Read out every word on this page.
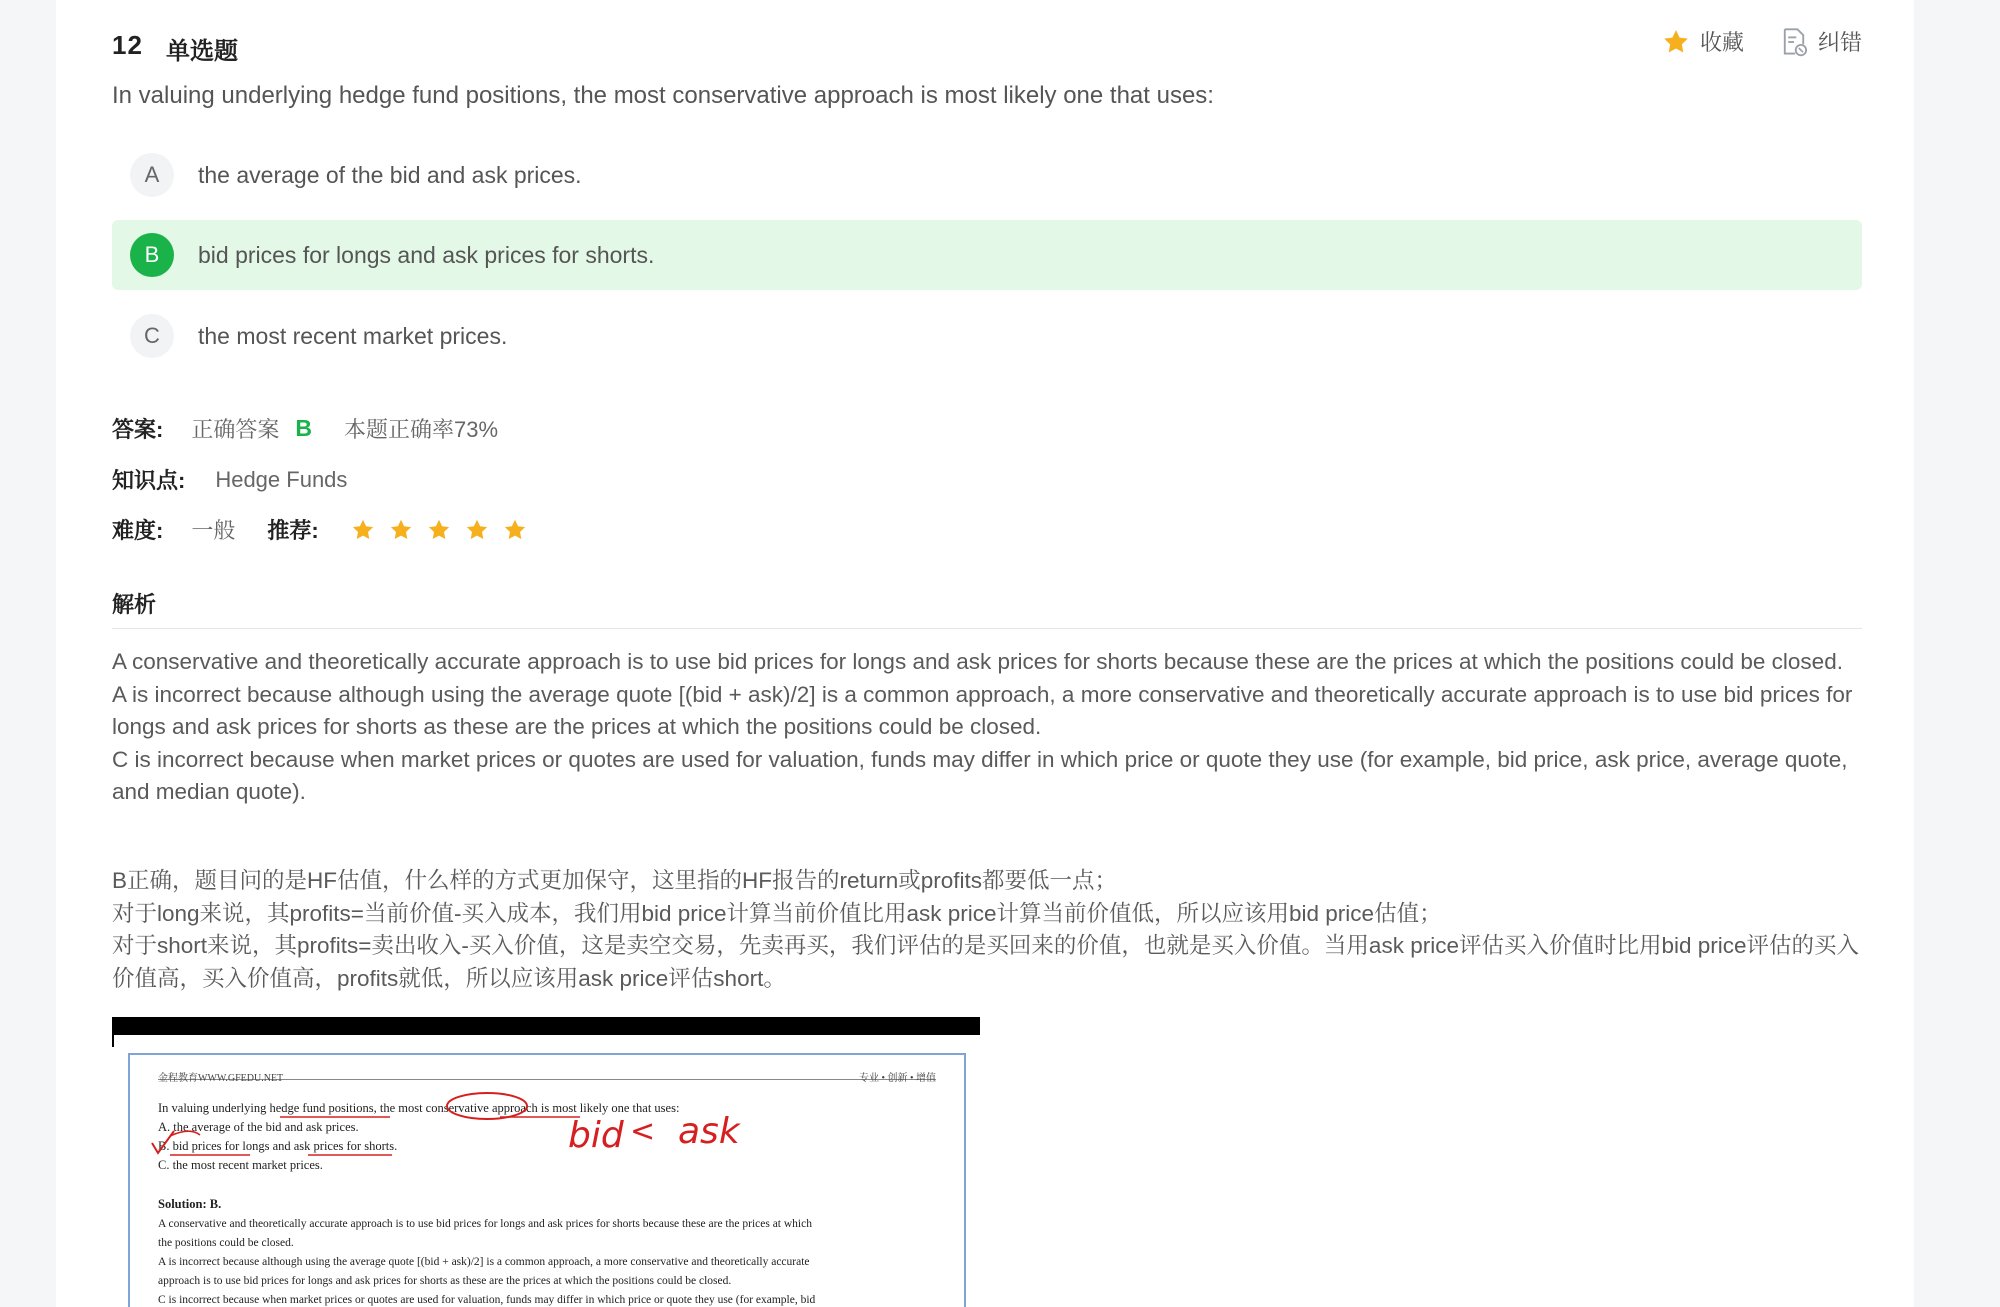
12 单选题	收藏	纠错
In valuing underlying hedge fund positions, the most conservative approach is most likely one that uses:
A	the average of the bid and ask prices.
B	bid prices for longs and ask prices for shorts.
C	the most recent market prices.
答案: 正确答案 B 本题正确率73%
知识点: Hedge Funds
难度: 一般 推荐:
解析

A conservative and theoretically accurate approach is to use bid prices for longs and ask prices for shorts because these are the prices at which the positions could be closed.

A is incorrect because although using the average quote [(bid + ask)/2] is a common approach, a more conservative and theoretically accurate approach is to use bid prices for longs and ask prices for shorts as these are the prices at which the positions could be closed.

C is incorrect because when market prices or quotes are used for valuation, funds may differ in which price or quote they use (for example, bid price, ask price, average quote, and median quote).

B正确，题目问的是HF估值，什么样的方式更加保守，这里指的HF报告的return或profits都要低一点；

对于long来说，其profits=当前价值-买入成本，我们用bid price计算当前价值比用ask price计算当前价值低，所以应该用bid price估值；

对于short来说，其profits=卖出收入-买入价值，这是卖空交易，先卖再买，我们评估的是买回来的价值，也就是买入价值。当用ask price评估买入价值时比用bid price评估的买入价值高，买入价值高，profits就低，所以应该用ask price评估short。

金程教育WWW.GFEDU.NET	专业 • 创新 • 增值
In valuing underlying hedge fund positions, the most conservative approach is most likely one that uses:
A. the average of the bid and ask prices.
B. bid prices for longs and ask prices for shorts.
C. the most recent market prices.
Solution: B.
A conservative and theoretically accurate approach is to use bid prices for longs and ask prices for shorts because these are the prices at which
the positions could be closed.
A is incorrect because although using the average quote [(bid + ask)/2] is a common approach, a more conservative and theoretically accurate
approach is to use bid prices for longs and ask prices for shorts as these are the prices at which the positions could be closed.
C is incorrect because when market prices or quotes are used for valuation, funds may differ in which price or quote they use (for example, bid
bid < ask
